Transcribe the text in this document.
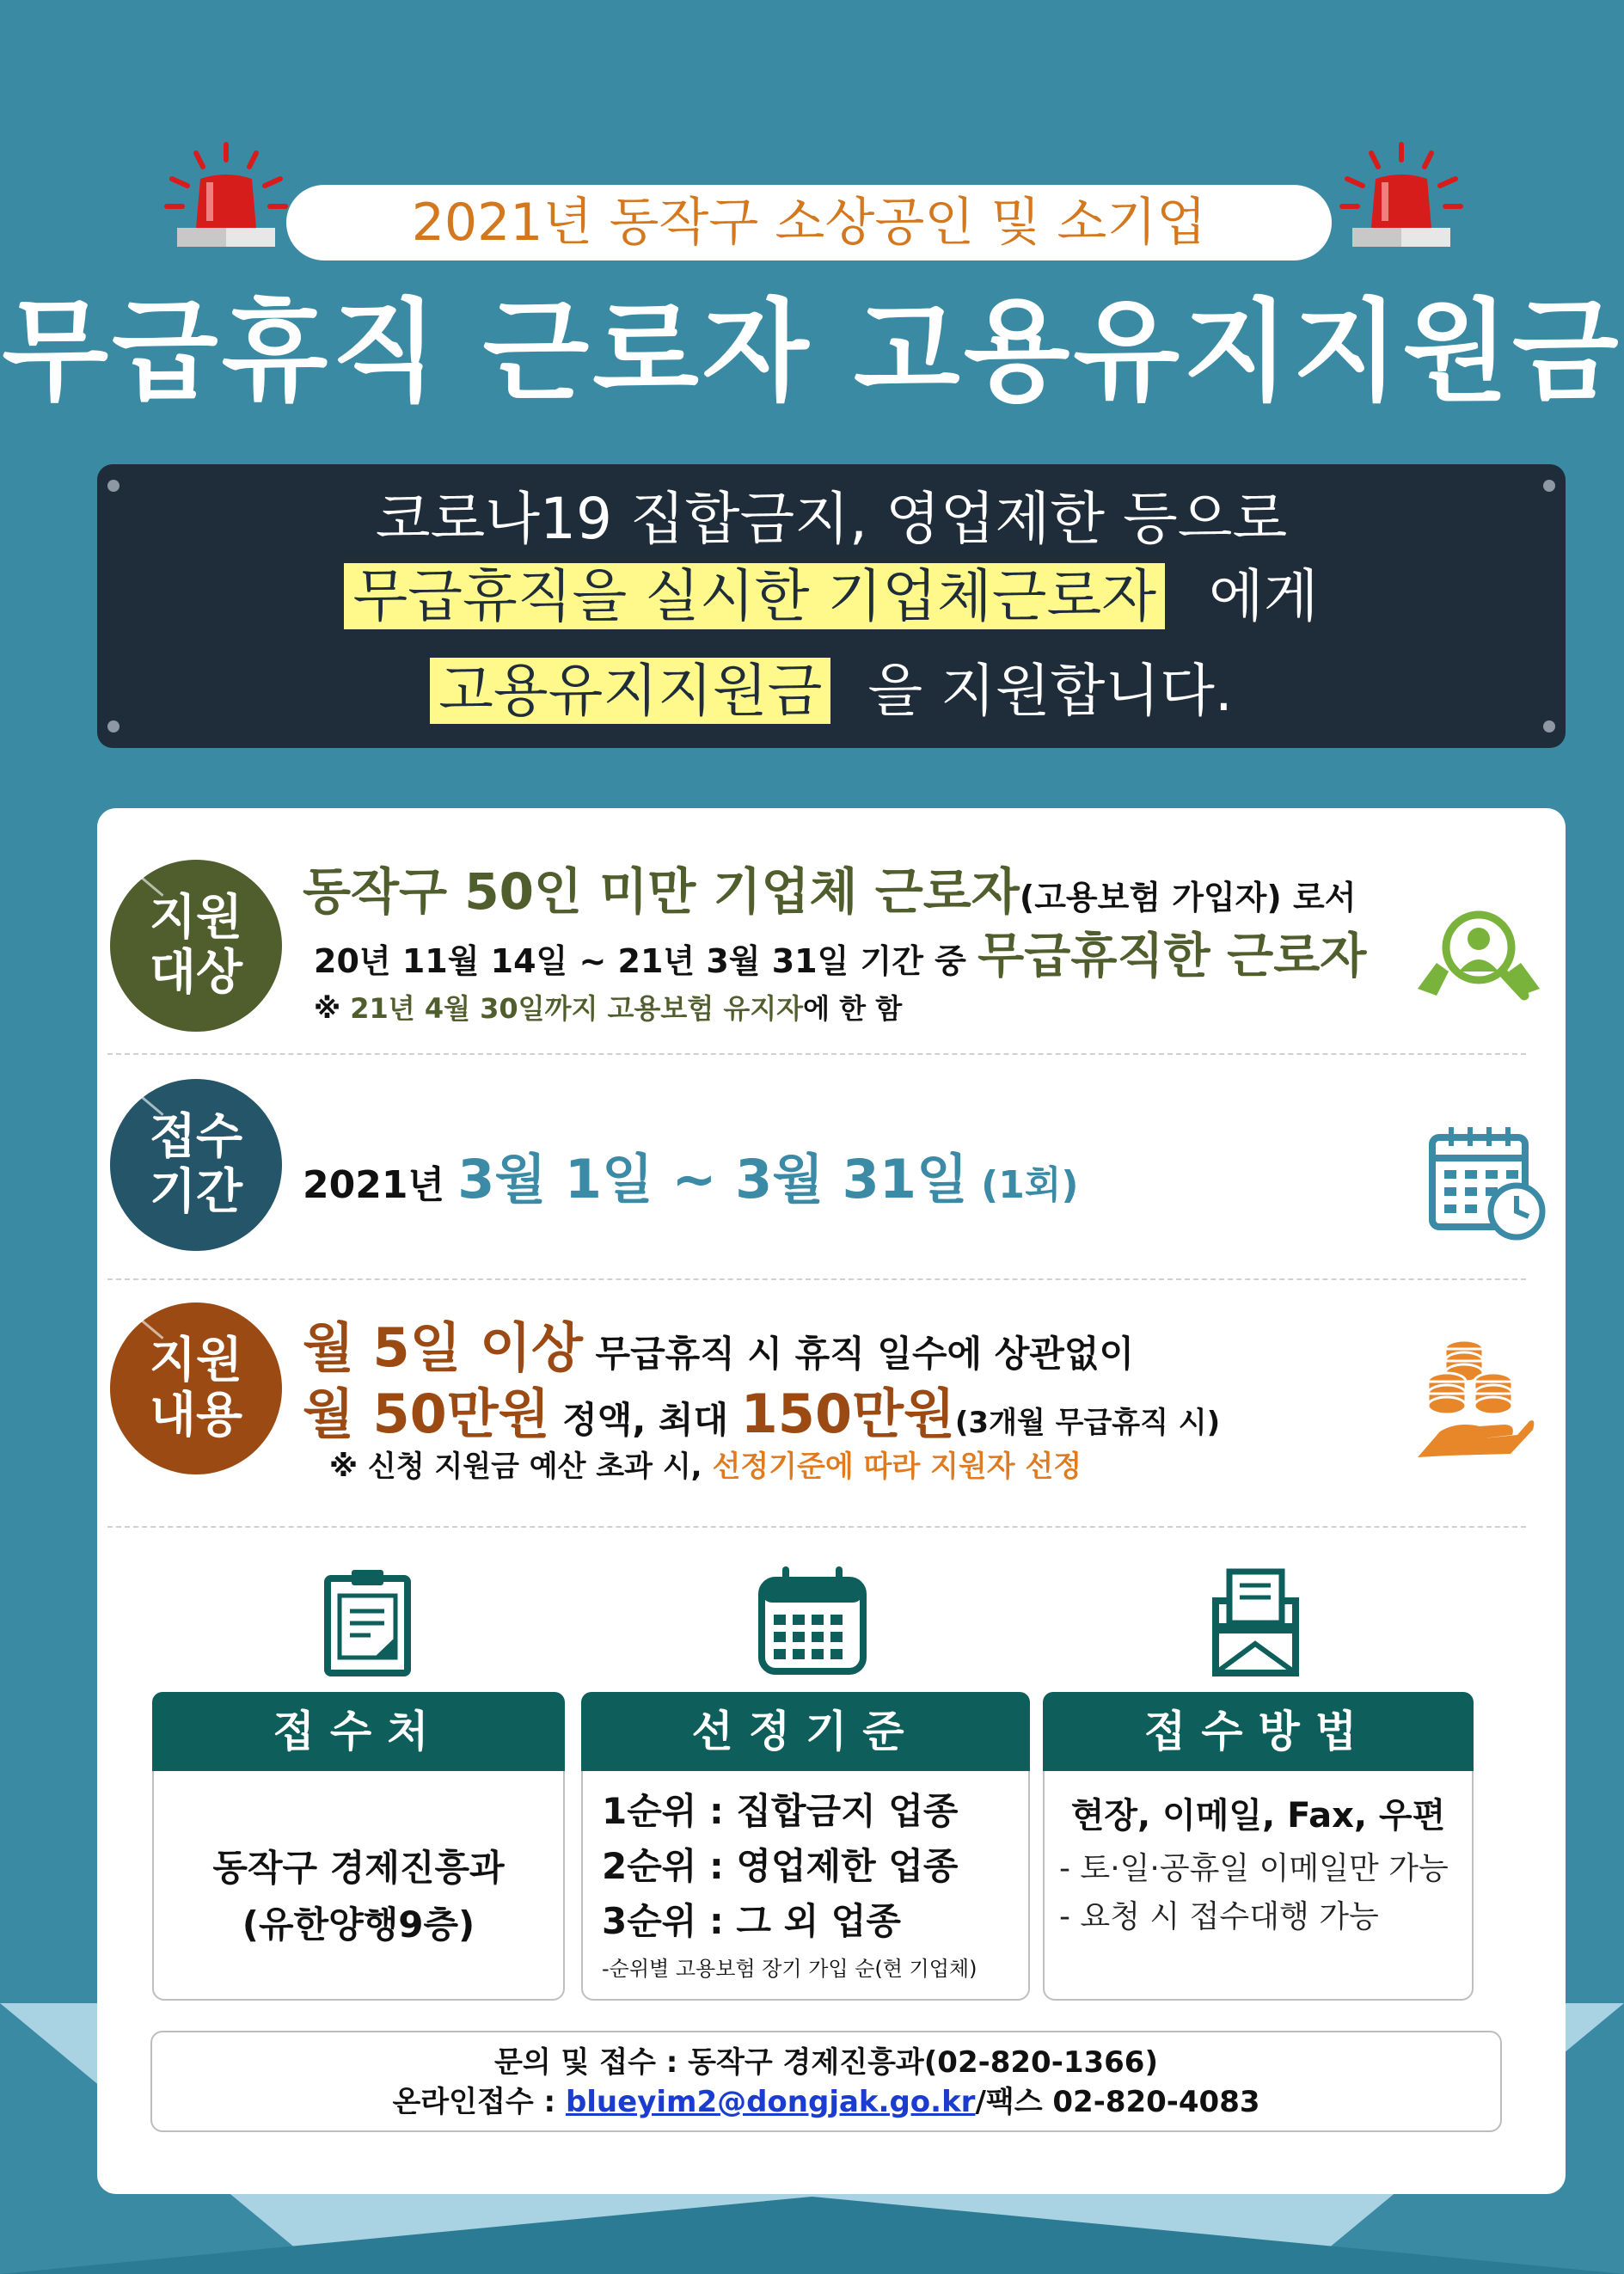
2021년 동작구 소상공인 및 소기업
무급휴직 근로자 고용유지지원금
코로나19 집합금지, 영업제한 등으로
무급휴직을 실시한 기업체근로자 에게
고용유지지원금 을 지원합니다.
지원
대상
동작구 50인 미만 기업체 근로자(고용보험 가입자) 로서
20년 11월 14일 ~ 21년 3월 31일 기간 중 무급휴직한 근로자
※ 21년 4월 30일까지 고용보험 유지자에 한 함
접수
기간 2021년 3월 1일 ~ 3월 31일 (1회)
지원
내용
월 5일 이상 무급휴직 시 휴직 일수에 상관없이
월 50만원 정액, 최대 150만원(3개월 무급휴직 시)
※ 신청 지원금 예산 초과 시, 선정기준에 따라 지원자 선정
접수처
동작구 경제진흥과
(유한양행9층)
선정기준
1순위 : 집합금지 업종
2순위 : 영업제한 업종
3순위 : 그 외 업종
-순위별 고용보험 장기 가입 순(현 기업체)
접수방법
현장, 이메일, Fax, 우편
- 토·일·공휴일 이메일만 가능
- 요청 시 접수대행 가능
문의 및 접수 : 동작구 경제진흥과(02-820-1366)
온라인접수 : blueyim2@dongjak.go.kr/팩스 02-820-4083
